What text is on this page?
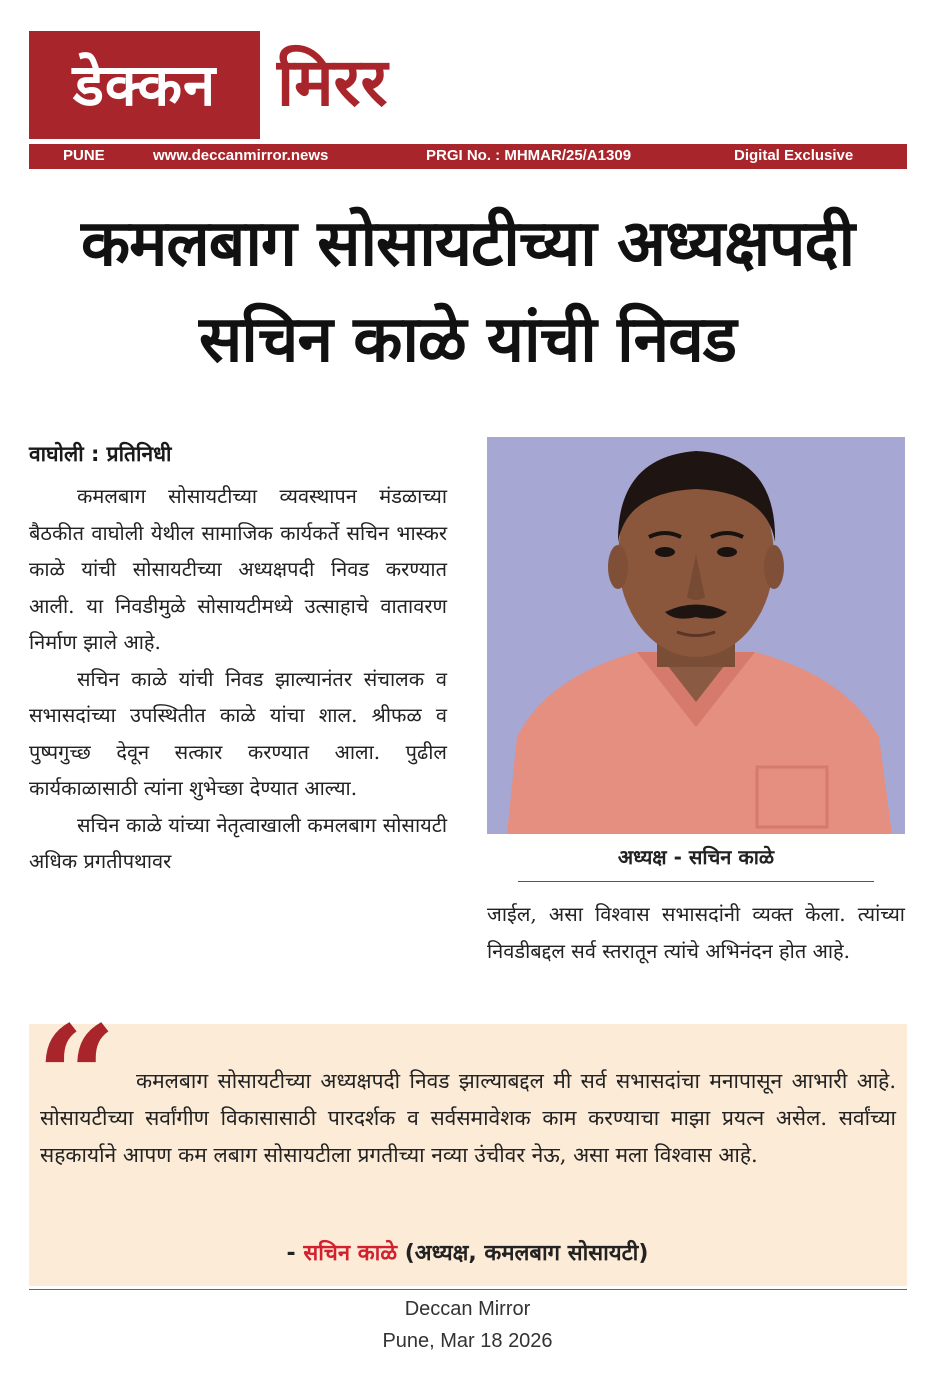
डेक्कन मिरर
PUNE	www.deccanmirror.news	PRGI No. : MHMAR/25/A1309	Digital Exclusive
कमलबाग सोसायटीच्या अध्यक्षपदी
सचिन काळे यांची निवड
वाघोली : प्रतिनिधी

कमलबाग सोसायटीच्या व्यवस्थापन मंडळाच्या बैठकीत वाघोली येथील सामाजिक कार्यकर्ते सचिन भास्कर काळे यांची सोसायटीच्या अध्यक्षपदी निवड करण्यात आली. या निवडीमुळे सोसायटीमध्ये उत्साहाचे वातावरण निर्माण झाले आहे.

सचिन काळे यांची निवड झाल्यानंतर संचालक व सभासदांच्या उपस्थितीत काळे यांचा शाल. श्रीफळ व पुष्पगुच्छ देवून सत्कार करण्यात आला. पुढील कार्यकाळासाठी त्यांना शुभेच्छा देण्यात आल्या.

सचिन काळे यांच्या नेतृत्वाखाली कमलबाग सोसायटी अधिक प्रगतीपथावर	अध्यक्ष - सचिन काळे

जाईल, असा विश्वास सभासदांनी व्यक्त केला. त्यांच्या निवडीबद्दल सर्व स्तरातून त्यांचे अभिनंदन होत आहे.

“ कमलबाग सोसायटीच्या अध्यक्षपदी निवड झाल्याबद्दल मी सर्व सभासदांचा मनापासून आभारी आहे. सोसायटीच्या सर्वांगीण विकासासाठी पारदर्शक व सर्वसमावेशक काम करण्याचा माझा प्रयत्न असेल. सर्वांच्या सहकार्याने आपण कम लबाग सोसायटीला प्रगतीच्या नव्या उंचीवर नेऊ, असा मला विश्वास आहे.
- सचिन काळे (अध्यक्ष, कमलबाग सोसायटी)
Deccan Mirror
Pune, Mar 18 2026
